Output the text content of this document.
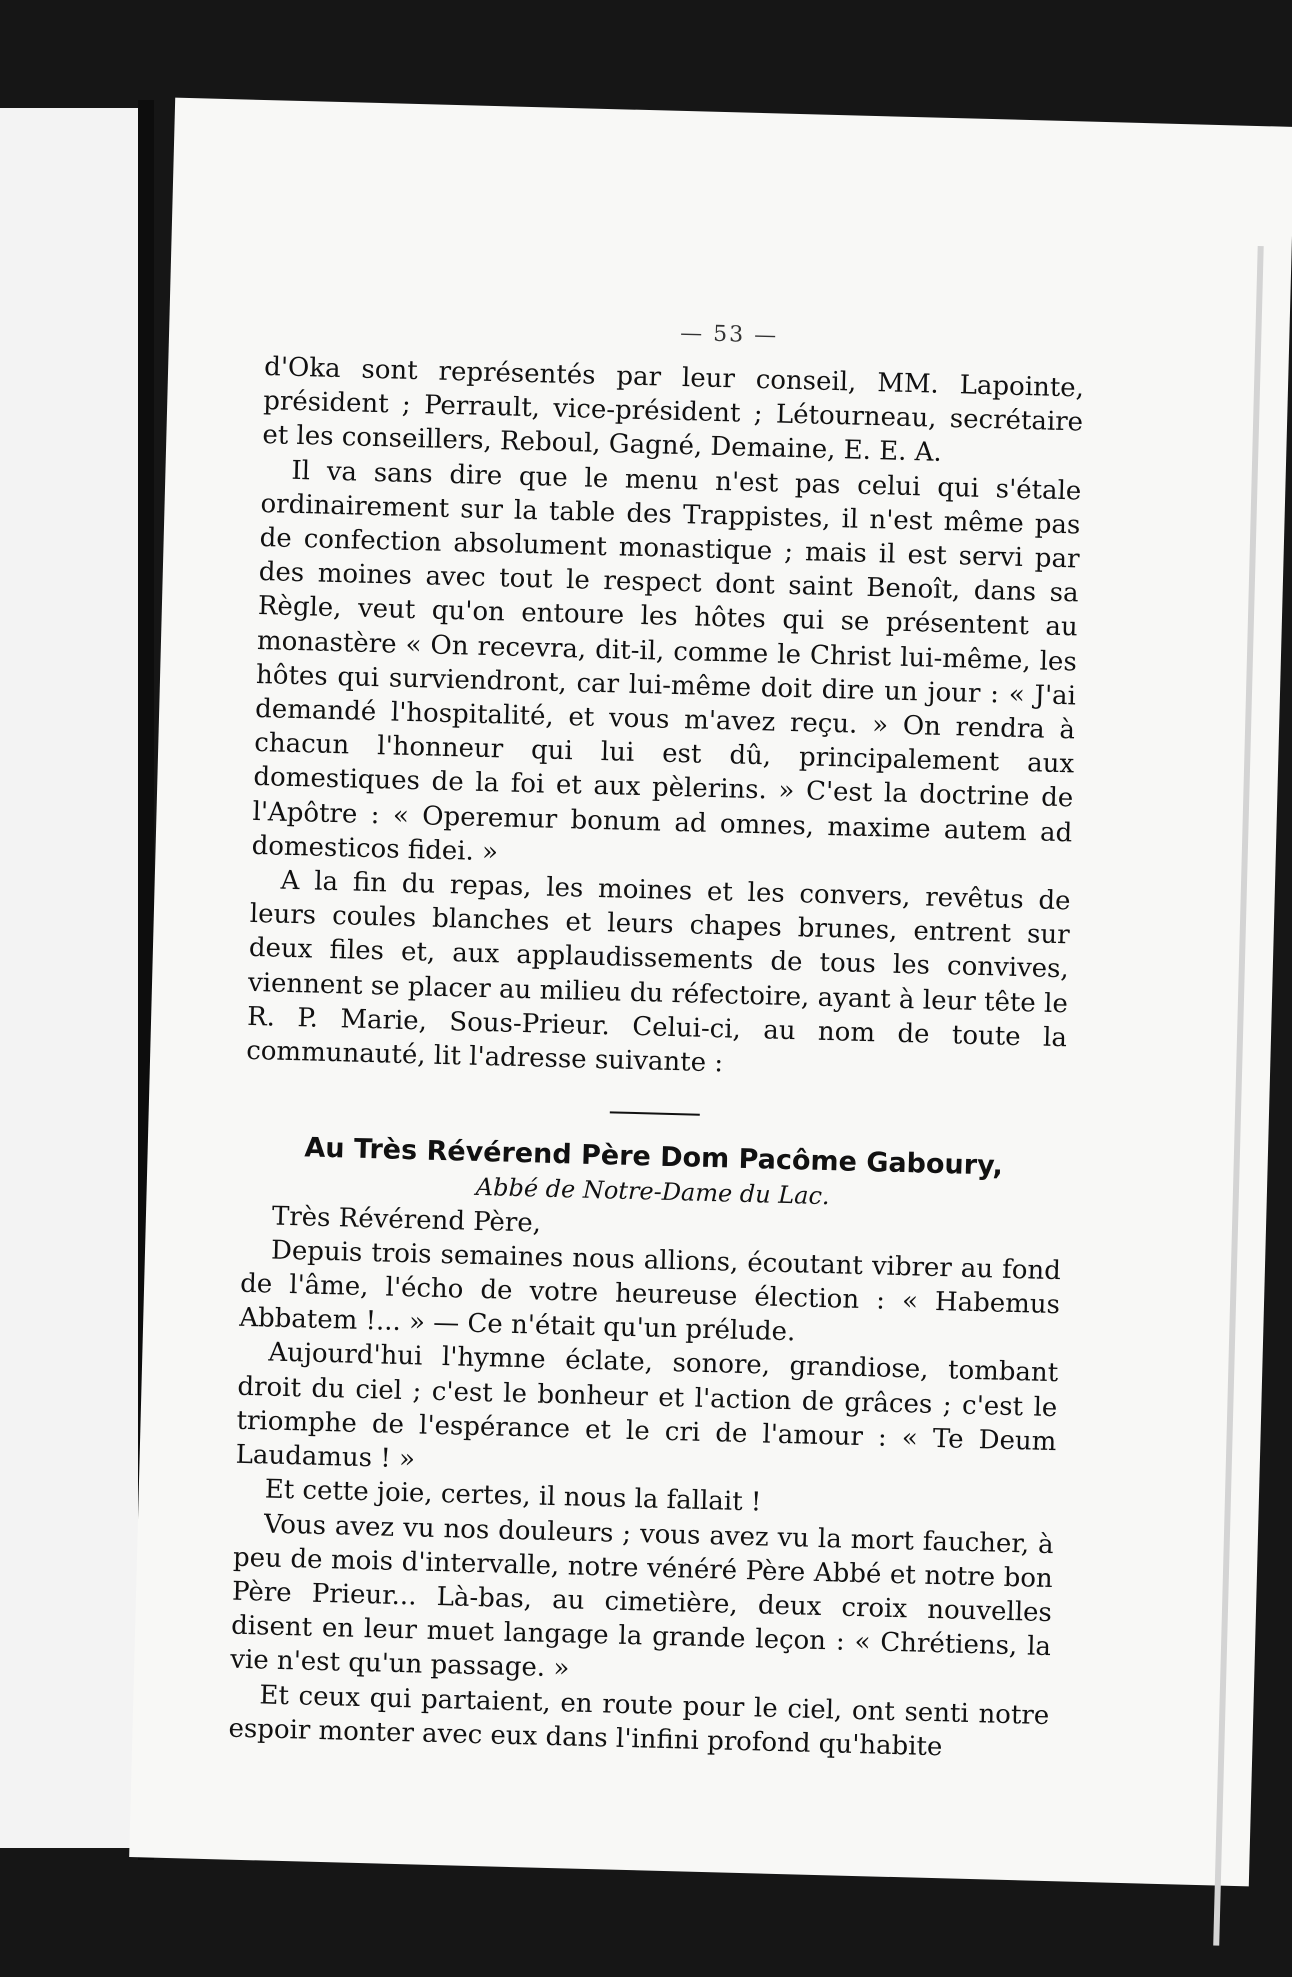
— 53 —

d'Oka sont représentés par leur conseil, MM. Lapointe, président ; Perrault, vice-président ; Létourneau, secrétaire et les conseillers, Reboul, Gagné, Demaine, E. E. A.

Il va sans dire que le menu n'est pas celui qui s'étale ordinairement sur la table des Trappistes, il n'est même pas de confection absolument monastique ; mais il est servi par des moines avec tout le respect dont saint Benoît, dans sa Règle, veut qu'on entoure les hôtes qui se présentent au monastère « On recevra, dit-il, comme le Christ lui-même, les hôtes qui surviendront, car lui-même doit dire un jour : « J'ai demandé l'hospitalité, et vous m'avez reçu. » On rendra à chacun l'honneur qui lui est dû, principalement aux domestiques de la foi et aux pèlerins. » C'est la doctrine de l'Apôtre : « Operemur bonum ad omnes, maxime autem ad domesticos fidei. »

A la fin du repas, les moines et les convers, revêtus de leurs coules blanches et leurs chapes brunes, entrent sur deux files et, aux applaudissements de tous les convives, viennent se placer au milieu du réfectoire, ayant à leur tête le R. P. Marie, Sous-Prieur. Celui-ci, au nom de toute la communauté, lit l'adresse suivante :

Au Très Révérend Père Dom Pacôme Gaboury,

Abbé de Notre-Dame du Lac.

Très Révérend Père,

Depuis trois semaines nous allions, écoutant vibrer au fond de l'âme, l'écho de votre heureuse élection : « Habemus Abbatem !... » — Ce n'était qu'un prélude.

Aujourd'hui l'hymne éclate, sonore, grandiose, tombant droit du ciel ; c'est le bonheur et l'action de grâces ; c'est le triomphe de l'espérance et le cri de l'amour : « Te Deum Laudamus ! »

Et cette joie, certes, il nous la fallait !

Vous avez vu nos douleurs ; vous avez vu la mort faucher, à peu de mois d'intervalle, notre vénéré Père Abbé et notre bon Père Prieur... Là-bas, au cimetière, deux croix nouvelles disent en leur muet langage la grande leçon : « Chrétiens, la vie n'est qu'un passage. »

Et ceux qui partaient, en route pour le ciel, ont senti notre espoir monter avec eux dans l'infini profond qu'habite
